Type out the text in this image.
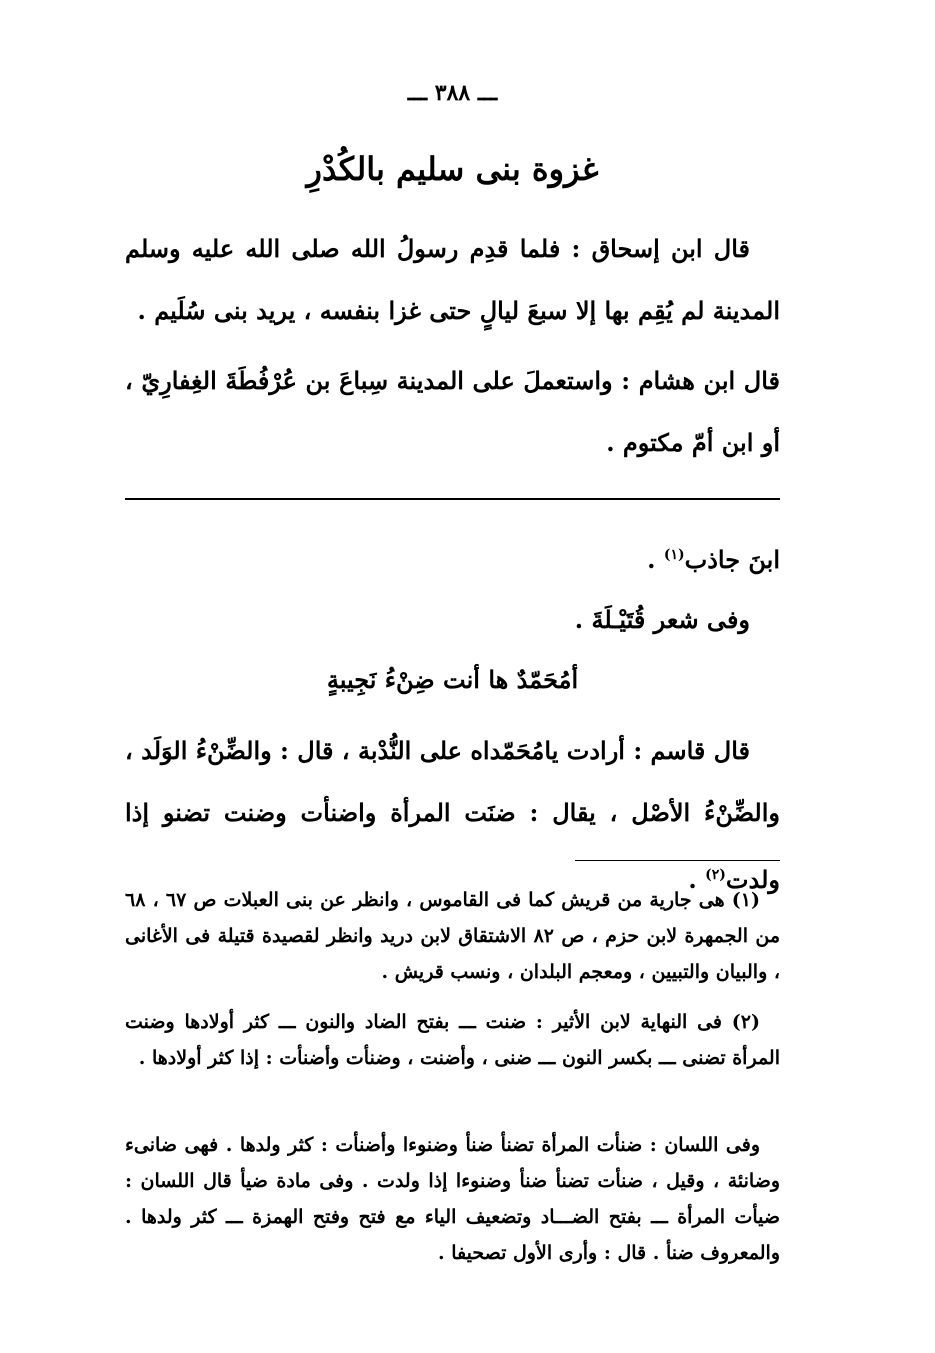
ـــ ٣٨٨ ـــ
غزوة بنى سليم بالكُدْرِ

قال ابن إسحاق : فلما قدِم رسولُ الله صلى الله عليه وسلم المدينة لم يُقِم بها إلا سبعَ ليالٍ حتى غزا بنفسه ، يريد بنى سُلَيم .

قال ابن هشام : واستعملَ على المدينة سِباعَ بن عُرْفُطَةَ الغِفارِيّ ، أو ابن أمّ مكتوم .

ابنَ جاذب$^{(١)}$ .
وفى شعر قُتَيْـلَةَ .
أمُحَمّدٌ ها أنت ضِنْءُ نَجِيبةٍ

قال قاسم : أرادت يامُحَمّداه على النُّدْبة ، قال : والضِّنْءُ الوَلَد ، والضِّنْءُ الأصْل ، يقال : ضنَت المرأة واضنأت وضنت تضنو إذا ولدت$^{(٢)}$ .

(١) هى جارية من قريش كما فى القاموس ، وانظر عن بنى العبلات ص ٦٧ ، ٦٨ من الجمهرة لابن حزم ، ص ٨٢ الاشتقاق لابن دريد وانظر لقصيدة قتيلة فى الأغانى ، والبيان والتبيين ، ومعجم البلدان ، ونسب قريش .

(٢) فى النهاية لابن الأثير : ضنت ـــ بفتح الضاد والنون ـــ كثر أولادها وضنت المرأة تضنى ـــ بكسر النون ـــ ضنى ، وأضنت ، وضنأت وأضنأت : إذا كثر أولادها .

وفى اللسان : ضنأت المرأة تضنأ ضنأ وضنوءا وأضنأت : كثر ولدها . فهى ضانىء وضانئة ، وقيل ، ضنأت تضنأ ضنأ وضنوءا إذا ولدت . وفى مادة ضيأ قال اللسان : ضيأت المرأة ـــ بفتح الضـــاد وتضعيف الياء مع فتح وفتح الهمزة ـــ كثر ولدها . والمعروف ضنأ . قال : وأرى الأول تصحيفا .
